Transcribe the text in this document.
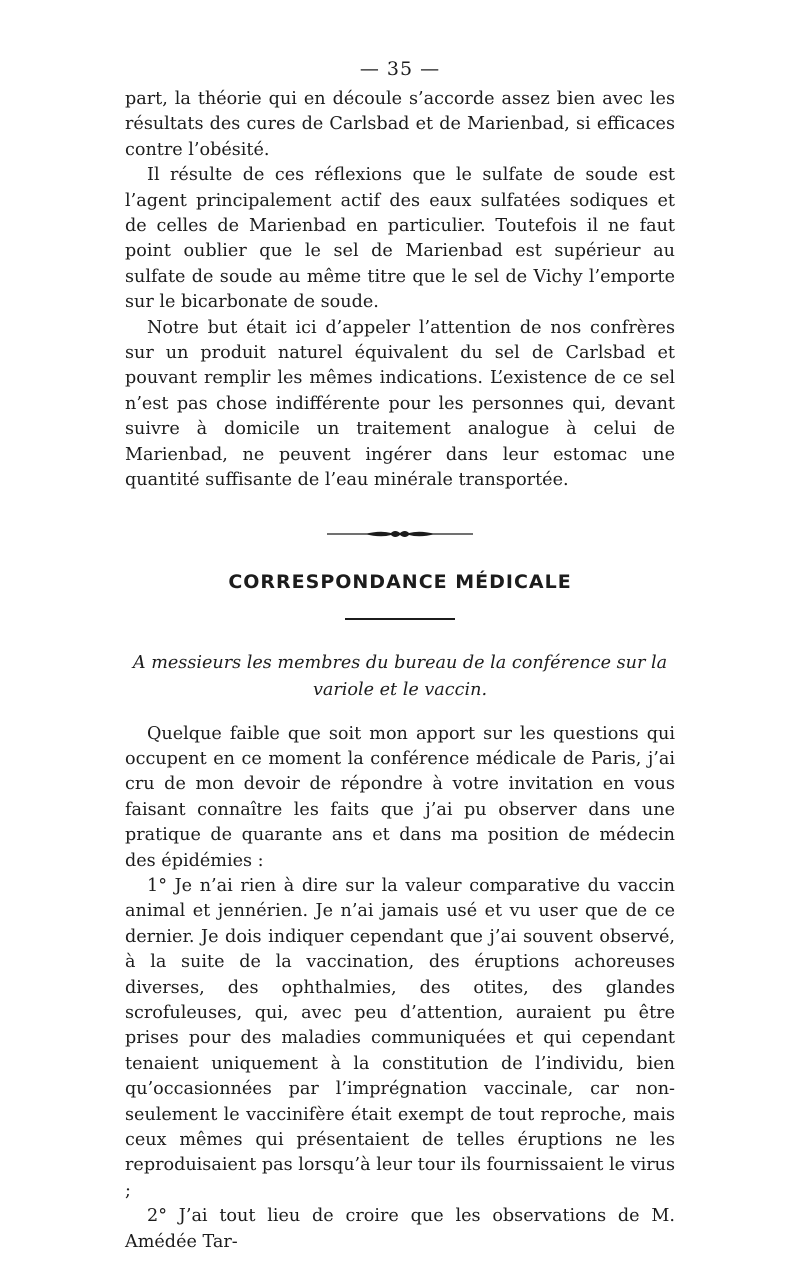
— 35 —

part, la théorie qui en découle s’accorde assez bien avec les résultats des cures de Carlsbad et de Marienbad, si efficaces contre l’obésité.

Il résulte de ces réflexions que le sulfate de soude est l’agent principalement actif des eaux sulfatées sodiques et de celles de Marienbad en particulier. Toutefois il ne faut point oublier que le sel de Marienbad est supérieur au sulfate de soude au même titre que le sel de Vichy l’emporte sur le bicarbonate de soude.

Notre but était ici d’appeler l’attention de nos confrères sur un produit naturel équivalent du sel de Carlsbad et pouvant remplir les mêmes indications. L’existence de ce sel n’est pas chose indifférente pour les personnes qui, devant suivre à domicile un traitement analogue à celui de Marienbad, ne peuvent ingérer dans leur estomac une quantité suffisante de l’eau minérale transportée.

CORRESPONDANCE MÉDICALE

A messieurs les membres du bureau de la conférence sur la variole et le vaccin.

Quelque faible que soit mon apport sur les questions qui occupent en ce moment la conférence médicale de Paris, j’ai cru de mon devoir de répondre à votre invitation en vous faisant connaître les faits que j’ai pu observer dans une pratique de quarante ans et dans ma position de médecin des épidémies :

1° Je n’ai rien à dire sur la valeur comparative du vaccin animal et jennérien. Je n’ai jamais usé et vu user que de ce dernier. Je dois indiquer cependant que j’ai souvent observé, à la suite de la vaccination, des éruptions achoreuses diverses, des ophthalmies, des otites, des glandes scrofuleuses, qui, avec peu d’attention, auraient pu être prises pour des maladies communiquées et qui cependant tenaient uniquement à la constitution de l’individu, bien qu’occasionnées par l’imprégnation vaccinale, car non-seulement le vaccinifère était exempt de tout reproche, mais ceux mêmes qui présentaient de telles éruptions ne les reproduisaient pas lorsqu’à leur tour ils fournissaient le virus ;

2° J’ai tout lieu de croire que les observations de M. Amédée Tar-
